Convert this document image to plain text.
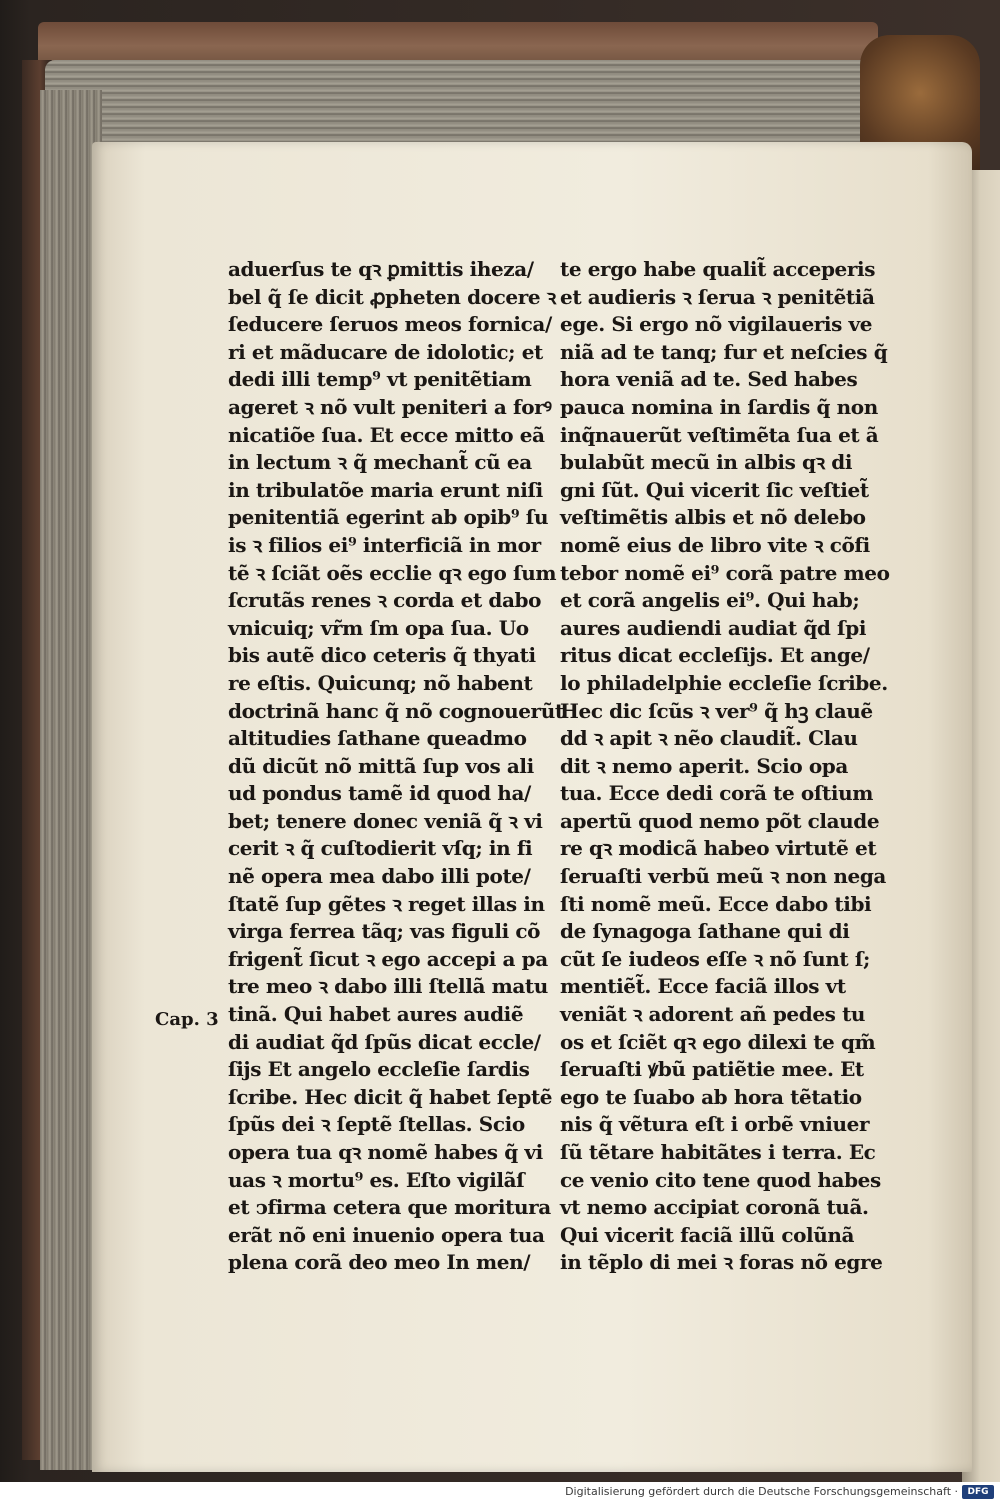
aduerſus te qꝛ ꝑmittis iheza/
bel q̃ ſe dicit ꝓpheten docere ꝛ
ſeducere ſeruos meos fornica/
ri et mãducare de idolotic; et
dedi illi temp⁹ vt penitẽtiam
ageret ꝛ nõ vult peniteri a forꝰ
nicatiõe ſua. Et ecce mitto eã
in lectum ꝛ q̃ mechant̃ cũ ea
in tribulatõe maria erunt niſi
penitentiã egerint ab opib⁹ ſu
is ꝛ filios ei⁹ interficiã in mor
tẽ ꝛ ſciãt oẽs ecclie qꝛ ego ſum
ſcrutãs renes ꝛ corda et dabo
vnicuiq; vr̃m ſm opa ſua. Uo
bis autẽ dico ceteris q̃ thyati
re eſtis. Quicunq; nõ habent
doctrinã hanc q̃ nõ cognouerũt
altitudies ſathane queadmo
dũ dicũt nõ mittã ſup vos ali
ud pondus tamẽ id quod ha/
bet; tenere donec veniã q̃ ꝛ vi
cerit ꝛ q̃ cuſtodierit vſq; in fi
nẽ opera mea dabo illi pote/
ſtatẽ ſup gẽtes ꝛ reget illas in
virga ferrea tãq; vas figuli cõ
frigent̃ ſicut ꝛ ego accepi a pa
tre meo ꝛ dabo illi ſtellã matu
tinã. Qui habet aures audiẽ
di audiat q̃d ſpũs dicat eccle/
ſijs Et angelo eccleſie ſardis
ſcribe. Hec dicit q̃ habet ſeptẽ
ſpũs dei ꝛ ſeptẽ ſtellas. Scio
opera tua qꝛ nomẽ habes q̃ vi
uas ꝛ mortu⁹ es. Eſto vigilãſ
et ↄfirma cetera que moritura
erãt nõ eni inuenio opera tua
plena corã deo meo In men/
te ergo habe qualit̃ acceperis
et audieris ꝛ ſerua ꝛ penitẽtiã
ege. Si ergo nõ vigilaueris ve
niã ad te tanq; fur et neſcies q̃
hora veniã ad te. Sed habes
pauca nomina in ſardis q̃ non
inq̃nauerũt veſtimẽta ſua et ã
bulabũt mecũ in albis qꝛ di
gni ſũt. Qui vicerit ſic veſtiet̃
veſtimẽtis albis et nõ delebo
nomẽ eius de libro vite ꝛ cõfi
tebor nomẽ ei⁹ corã patre meo
et corã angelis ei⁹. Qui hab;
aures audiendi audiat q̃d ſpi
ritus dicat eccleſijs. Et ange/
lo philadelphie eccleſie ſcribe.
Hec dic ſcũs ꝛ ver⁹ q̃ hꝫ clauẽ
dd ꝛ apit ꝛ nẽo claudit̃. Clau
dit ꝛ nemo aperit. Scio opa
tua. Ecce dedi corã te oſtium
apertũ quod nemo põt claude
re qꝛ modicã habeo virtutẽ et
ſeruaſti verbũ meũ ꝛ non nega
ſti nomẽ meũ. Ecce dabo tibi
de ſynagoga ſathane qui di
cũt ſe iudeos eſſe ꝛ nõ ſunt ſ;
mentiẽt̃. Ecce faciã illos vt
veniãt ꝛ adorent añ pedes tu
os et ſciẽt qꝛ ego dilexi te qm̃
ſeruaſti ꝟbũ patiẽtie mee. Et
ego te ſuabo ab hora tẽtatio
nis q̃ vẽtura eſt i orbẽ vniuer
ſũ tẽtare habitãtes i terra. Ec
ce venio cito tene quod habes
vt nemo accipiat coronã tuã.
Qui vicerit faciã illũ colũnã
in tẽplo di mei ꝛ foras nõ egre
Cap. 3
Digitalisierung gefördert durch die Deutsche Forschungsgemeinschaft ·	DFG
